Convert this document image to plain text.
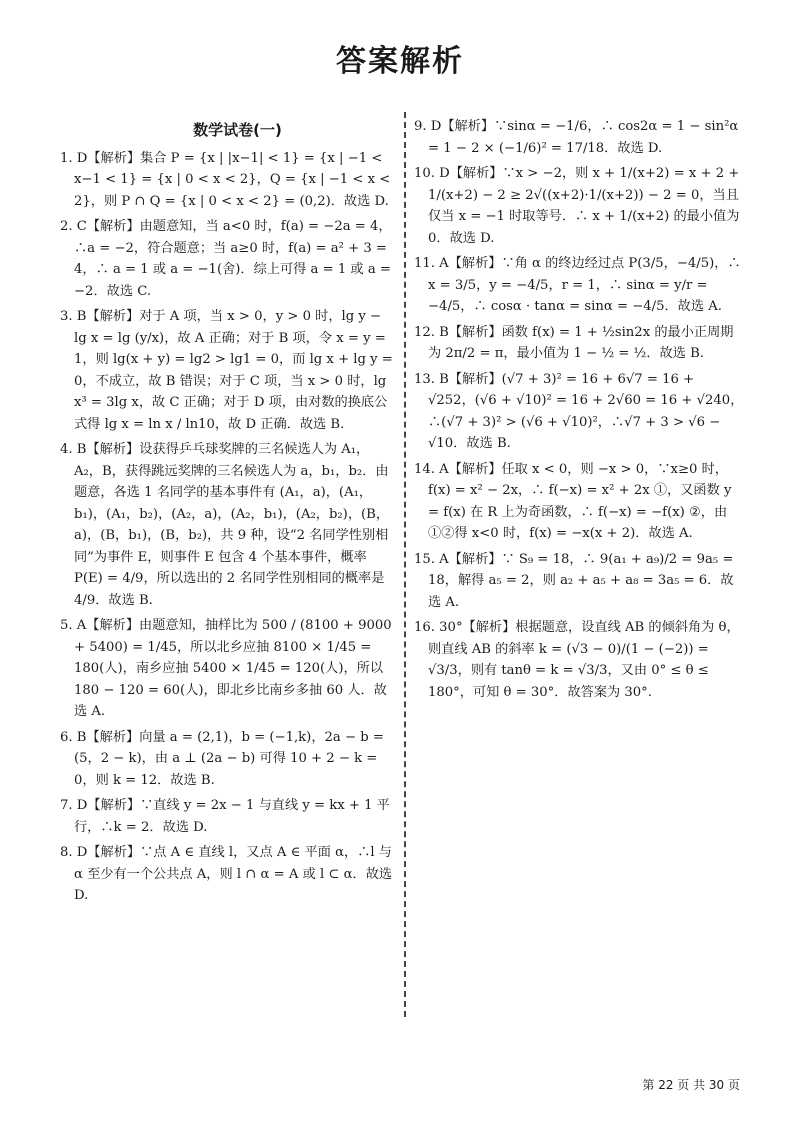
答案解析
数学试卷(一)

1. D【解析】集合 P = {x | |x−1| < 1} = {x | −1 < x−1 < 1} = {x | 0 < x < 2}，Q = {x | −1 < x < 2}，则 P ∩ Q = {x | 0 < x < 2} = (0,2)．故选 D.

2. C【解析】由题意知，当 a<0 时，f(a) = −2a = 4，∴a = −2，符合题意；当 a≥0 时，f(a) = a² + 3 = 4，∴ a = 1 或 a = −1(舍)．综上可得 a = 1 或 a = −2．故选 C.

3. B【解析】对于 A 项，当 x > 0，y > 0 时，lg y − lg x = lg (y/x)，故 A 正确；对于 B 项，令 x = y = 1，则 lg(x + y) = lg2 > lg1 = 0，而 lg x + lg y = 0，不成立，故 B 错误；对于 C 项，当 x > 0 时，lg x³ = 3lg x，故 C 正确；对于 D 项，由对数的换底公式得 lg x = ln x / ln10，故 D 正确．故选 B.

4. B【解析】设获得乒乓球奖牌的三名候选人为 A₁，A₂，B，获得跳远奖牌的三名候选人为 a，b₁，b₂．由题意，各选 1 名同学的基本事件有 (A₁，a)，(A₁，b₁)，(A₁，b₂)，(A₂，a)，(A₂，b₁)，(A₂，b₂)，(B，a)，(B，b₁)，(B，b₂)，共 9 种，设“2 名同学性别相同”为事件 E，则事件 E 包含 4 个基本事件，概率 P(E) = 4/9，所以选出的 2 名同学性别相同的概率是 4/9．故选 B.

5. A【解析】由题意知，抽样比为 500 / (8100 + 9000 + 5400) = 1/45，所以北乡应抽 8100 × 1/45 = 180(人)，南乡应抽 5400 × 1/45 = 120(人)，所以 180 − 120 = 60(人)，即北乡比南乡多抽 60 人．故选 A.

6. B【解析】向量 a = (2,1)，b = (−1,k)，2a − b = (5，2 − k)，由 a ⊥ (2a − b) 可得 10 + 2 − k = 0，则 k = 12．故选 B.

7. D【解析】∵直线 y = 2x − 1 与直线 y = kx + 1 平行，∴k = 2．故选 D.

8. D【解析】∵点 A ∈ 直线 l，又点 A ∈ 平面 α，∴l 与 α 至少有一个公共点 A，则 l ∩ α = A 或 l ⊂ α．故选 D.

9. D【解析】∵sinα = −1/6，∴ cos2α = 1 − sin²α = 1 − 2 × (−1/6)² = 17/18．故选 D.

10. D【解析】∵x > −2，则 x + 1/(x+2) = x + 2 + 1/(x+2) − 2 ≥ 2√((x+2)·1/(x+2)) − 2 = 0，当且仅当 x = −1 时取等号．∴ x + 1/(x+2) 的最小值为 0．故选 D.

11. A【解析】∵角 α 的终边经过点 P(3/5，−4/5)，∴ x = 3/5，y = −4/5，r = 1，∴ sinα = y/r = −4/5，∴ cosα · tanα = sinα = −4/5．故选 A.

12. B【解析】函数 f(x) = 1 + ½sin2x 的最小正周期为 2π/2 = π，最小值为 1 − ½ = ½．故选 B.

13. B【解析】(√7 + 3)² = 16 + 6√7 = 16 + √252，(√6 + √10)² = 16 + 2√60 = 16 + √240，∴(√7 + 3)² > (√6 + √10)²，∴√7 + 3 > √6 − √10．故选 B.

14. A【解析】任取 x < 0，则 −x > 0，∵x≥0 时，f(x) = x² − 2x，∴ f(−x) = x² + 2x ①，又函数 y = f(x) 在 R 上为奇函数，∴ f(−x) = −f(x) ②，由①②得 x<0 时，f(x) = −x(x + 2)．故选 A.

15. A【解析】∵ S₉ = 18，∴ 9(a₁ + a₉)/2 = 9a₅ = 18，解得 a₅ = 2，则 a₂ + a₅ + a₈ = 3a₅ = 6．故选 A.

16. 30°【解析】根据题意，设直线 AB 的倾斜角为 θ，则直线 AB 的斜率 k = (√3 − 0)/(1 − (−2)) = √3/3，则有 tanθ = k = √3/3，又由 0° ≤ θ ≤ 180°，可知 θ = 30°．故答案为 30°.

第 22 页 共 30 页
